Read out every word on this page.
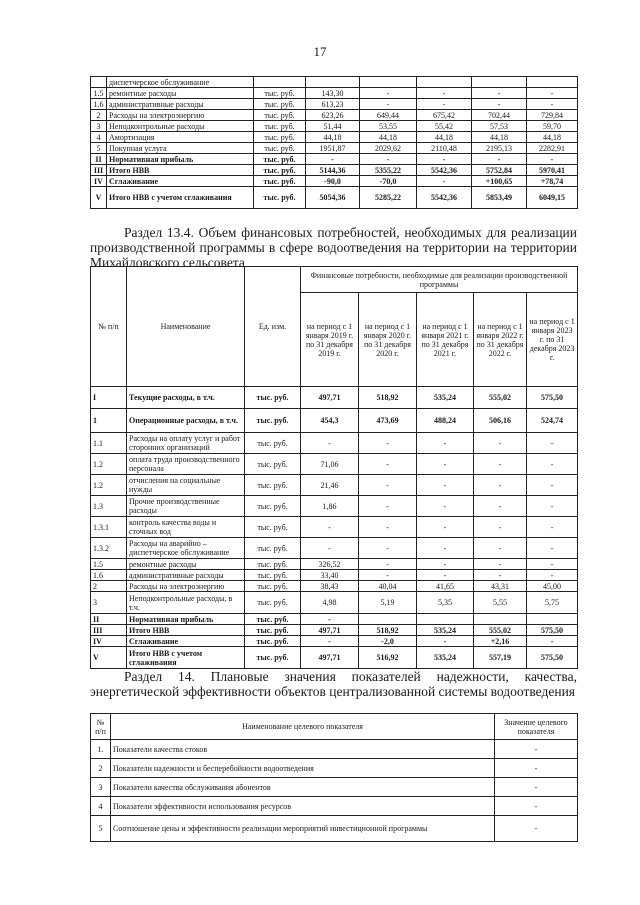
17
	диспетчерское обслуживание						
1.5	ремонтные расходы	тыс. руб.	143,30	-	-	-	-
1.6	административные расходы	тыс. руб.	613,23	-	-	-	-
2	Расходы на электроэнергию	тыс. руб.	623,26	649,44	675,42	702,44	729,84
3	Неподконтрольные расходы	тыс. руб.	51,44	53,55	55,42	57,53	59,70
4	Амортизация	тыс. руб.	44,18	44,18	44,18	44,18	44,18
5	Покупная услуга	тыс. руб.	1951,87	2029,62	2110,48	2195,13	2282,91
II	Нормативная прибыль	тыс. руб.	-	-	-	-	-
III	Итого НВВ	тыс. руб.	5144,36	5355,22	5542,36	5752,84	5970,41
IV	Сглаживание	тыс. руб.	-90,0	-70,0	-	+100,65	+78,74
V	Итого НВВ с учетом сглаживания	тыс. руб.	5054,36	5285,22	5542,36	5853,49	6049,15
Раздел 13.4. Объем финансовых потребностей, необходимых для реализации производственной программы в сфере водоотведения на территории на территории Михайловского сельсовета
№ п/п	Наименование	Ед. изм.	Финансовые потребности, необходимые для реализации производственной программы				
			на период с 1 января 2019 г. по 31 декабря 2019 г.	на период с 1 января 2020 г. по 31 декабря 2020 г.	на период с 1 января 2021 г. по 31 декабря 2021 г.	на период с 1 января 2022 г. по 31 декабря 2022 г.	на период с 1 января 2023 г. по 31 декабря 2023 г.
I	Текущие расходы, в т.ч.	тыс. руб.	497,71	518,92	535,24	555,02	575,50
1	Операционные расходы, в т.ч.	тыс. руб.	454,3	473,69	488,24	506,16	524,74
1.1	Расходы на оплату услуг и работ сторонних организаций	тыс. руб.	-	-	-	-	-
1.2	оплата труда производственного персонала	тыс. руб.	71,06	-	-	-	-
1.2	отчисления на социальные нужды	тыс. руб.	21,46	-	-	-	-
1.3	Прочие производственные расходы	тыс. руб.	1,86	-	-	-	-
1.3.1	контроль качества воды и сточных вод	тыс. руб.	-	-	-	-	-
1.3.2	Расходы на аварийно – диспетчерское обслуживание	тыс. руб.	-	-	-	-	-
1.5	ремонтные расходы	тыс. руб.	326,52	-	-	-	-
1.6	административные расходы	тыс. руб.	33,40	-	-	-	-
2	Расходы на электроэнергию	тыс. руб.	38,43	40,04	41,65	43,31	45,00
3	Неподконтрольные расходы, в т.ч.	тыс. руб.	4,98	5,19	5,35	5,55	5,75
II	Нормативная прибыль	тыс. руб.	-				
III	Итого НВВ	тыс. руб.	497,71	518,92	535,24	555,02	575,50
IV	Сглаживание	тыс. руб.	-	-2,0	-	+2,16	-
V	Итого НВВ с учетом сглаживания	тыс. руб.	497,71	516,92	535,24	557,19	575,50
Раздел 14. Плановые значения показателей надежности, качества, энергетической эффективности объектов централизованной системы водоотведения
№ п/п	Наименование целевого показателя	Значение целевого показателя
1.	Показатели качества стоков	-
2	Показатели надежности и бесперебойности водоотведения	-
3	Показатели качества обслуживания абонентов	-
4	Показатели эффективности использования ресурсов	-
5	Соотношение цены и эффективности реализации мероприятий инвестиционной программы	-
